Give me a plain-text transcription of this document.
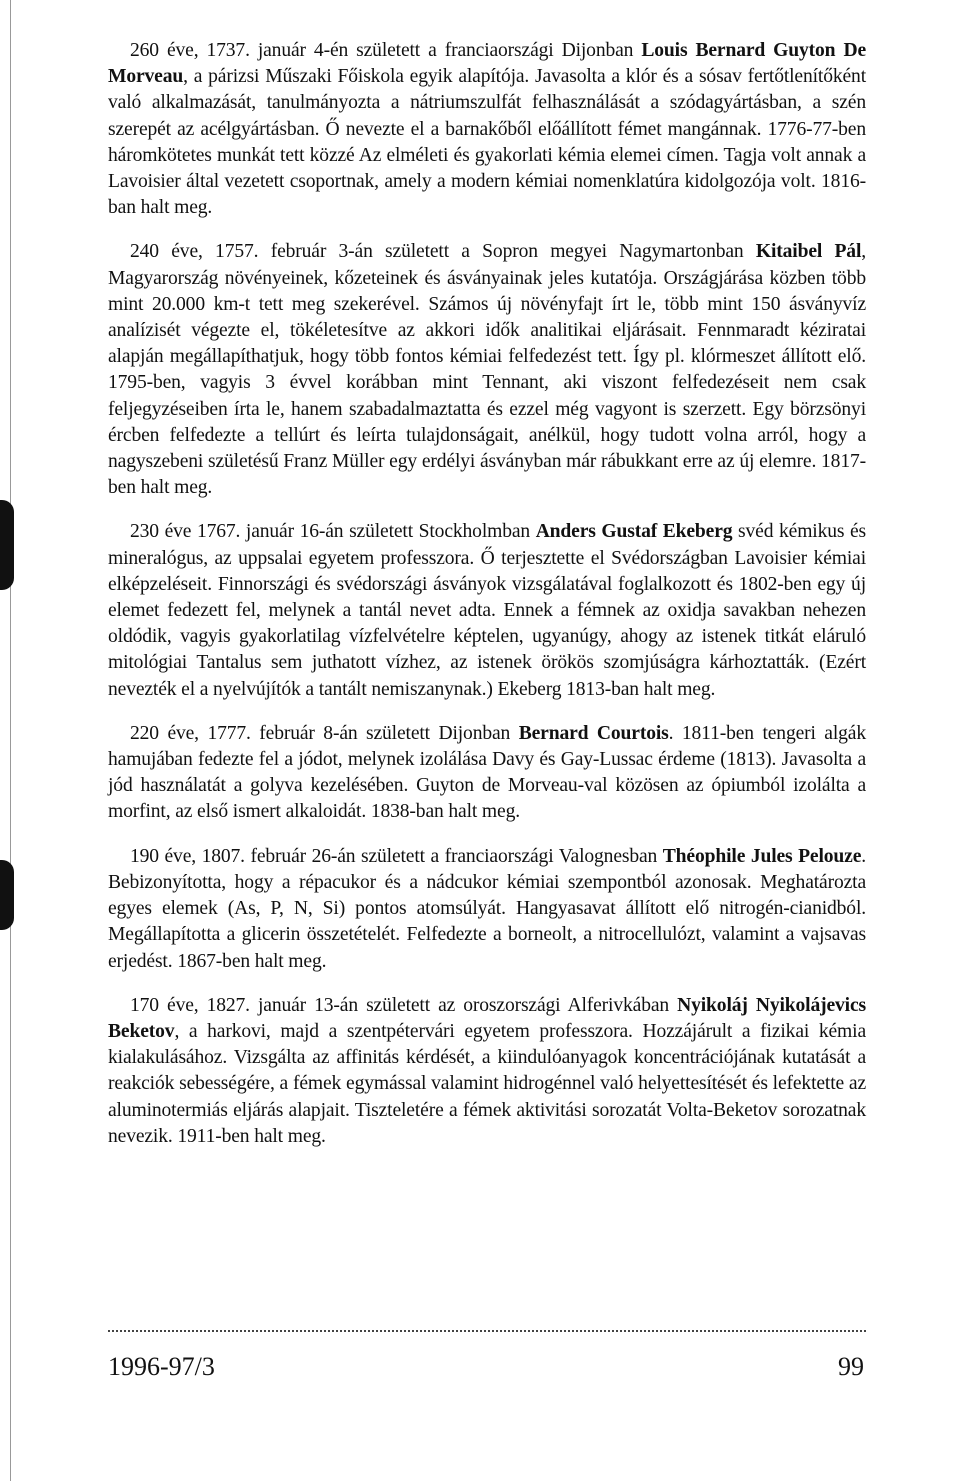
260 éve, 1737. január 4-én született a franciaországi Dijonban Louis Bernard Guyton De Morveau, a párizsi Műszaki Főiskola egyik alapítója. Javasolta a klór és a sósav fertőtlenítőként való alkalmazását, tanulmányozta a nátriumszulfát felhasználását a szódagyártásban, a szén szerepét az acélgyártásban. Ő nevezte el a barnakőből előállított fémet mangánnak. 1776-77-ben háromkötetes munkát tett közzé Az elméleti és gyakorlati kémia elemei címen. Tagja volt annak a Lavoisier által vezetett csoportnak, amely a modern kémiai nomenklatúra kidolgozója volt. 1816-ban halt meg.

240 éve, 1757. február 3-án született a Sopron megyei Nagymartonban Kitaibel Pál, Magyarország növényeinek, kőzeteinek és ásványainak jeles kutatója. Országjárása közben több mint 20.000 km-t tett meg szekerével. Számos új növényfajt írt le, több mint 150 ásványvíz analízisét végezte el, tökéletesítve az akkori idők analitikai eljárásait. Fennmaradt kéziratai alapján megállapíthatjuk, hogy több fontos kémiai felfedezést tett. Így pl. klórmeszet állított elő. 1795-ben, vagyis 3 évvel korábban mint Tennant, aki viszont felfedezéseit nem csak feljegyzéseiben írta le, hanem szabadalmaztatta és ezzel még vagyont is szerzett. Egy börzsönyi ércben felfedezte a tellúrt és leírta tulajdonságait, anélkül, hogy tudott volna arról, hogy a nagyszebeni születésű Franz Müller egy erdélyi ásványban már rábukkant erre az új elemre. 1817-ben halt meg.

230 éve 1767. január 16-án született Stockholmban Anders Gustaf Ekeberg svéd kémikus és mineralógus, az uppsalai egyetem professzora. Ő terjesztette el Svédországban Lavoisier kémiai elképzeléseit. Finnországi és svédországi ásványok vizsgálatával foglalkozott és 1802-ben egy új elemet fedezett fel, melynek a tantál nevet adta. Ennek a fémnek az oxidja savakban nehezen oldódik, vagyis gyakorlatilag vízfelvételre képtelen, ugyanúgy, ahogy az istenek titkát eláruló mitológiai Tantalus sem juthatott vízhez, az istenek örökös szomjúságra kárhoztatták. (Ezért nevezték el a nyelvújítók a tantált nemiszanynak.) Ekeberg 1813-ban halt meg.

220 éve, 1777. február 8-án született Dijonban Bernard Courtois. 1811-ben tengeri algák hamujában fedezte fel a jódot, melynek izolálása Davy és Gay-Lussac érdeme (1813). Javasolta a jód használatát a golyva kezelésében. Guyton de Morveau-val közösen az ópiumból izolálta a morfint, az első ismert alkaloidát. 1838-ban halt meg.

190 éve, 1807. február 26-án született a franciaországi Valognesban Théophile Jules Pelouze. Bebizonyította, hogy a répacukor és a nádcukor kémiai szempontból azonosak. Meghatározta egyes elemek (As, P, N, Si) pontos atomsúlyát. Hangyasavat állított elő nitrogén-cianidból. Megállapította a glicerin összetételét. Felfedezte a borneolt, a nitrocellulózt, valamint a vajsavas erjedést. 1867-ben halt meg.

170 éve, 1827. január 13-án született az oroszországi Alferivkában Nyikoláj Nyikolájevics Beketov, a harkovi, majd a szentpétervári egyetem professzora. Hozzájárult a fizikai kémia kialakulásához. Vizsgálta az affinitás kérdését, a kiindulóanyagok koncentrációjának kutatását a reakciók sebességére, a fémek egymással valamint hidrogénnel való helyettesítését és lefektette az aluminotermiás eljárás alapjait. Tiszteletére a fémek aktivitási sorozatát Volta-Beketov sorozatnak nevezik. 1911-ben halt meg.

1996-97/3	99
